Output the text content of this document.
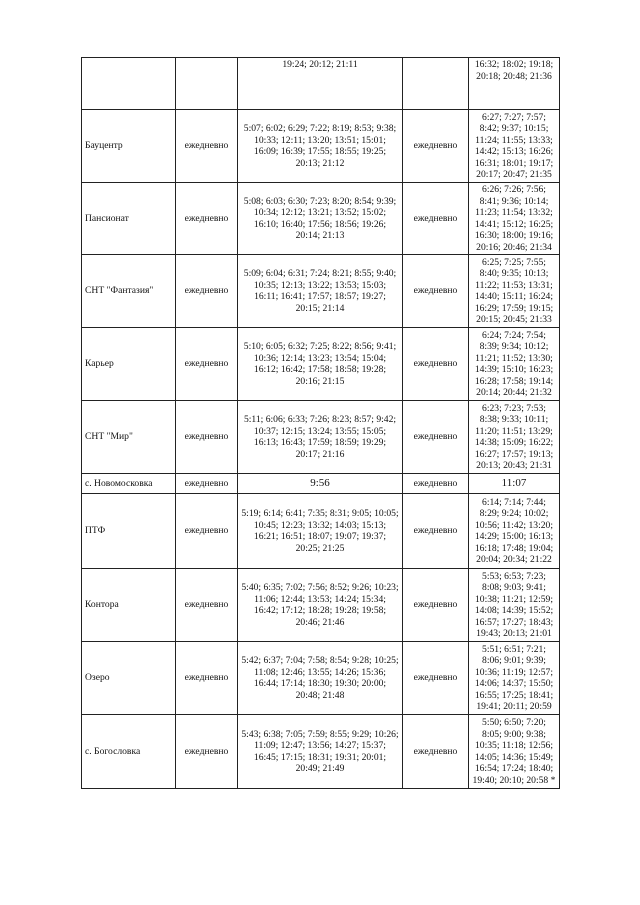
		19:24; 20:12; 21:11		16:32; 18:02; 19:18; 20:18; 20:48; 21:36
Бауцентр	ежедневно	5:07; 6:02; 6:29; 7:22; 8:19; 8:53; 9:38; 10:33; 12:11; 13:20; 13:51; 15:01; 16:09; 16:39; 17:55; 18:55; 19:25; 20:13; 21:12	ежедневно	6:27; 7:27; 7:57; 8:42; 9:37; 10:15; 11:24; 11:55; 13:33; 14:42; 15:13; 16:26; 16:31; 18:01; 19:17; 20:17; 20:47; 21:35
Пансионат	ежедневно	5:08; 6:03; 6:30; 7:23; 8:20; 8:54; 9:39; 10:34; 12:12; 13:21; 13:52; 15:02; 16:10; 16:40; 17:56; 18:56; 19:26; 20:14; 21:13	ежедневно	6:26; 7:26; 7:56; 8:41; 9:36; 10:14; 11:23; 11:54; 13:32; 14:41; 15:12; 16:25; 16:30; 18:00; 19:16; 20:16; 20:46; 21:34
СНТ "Фантазия"	ежедневно	5:09; 6:04; 6:31; 7:24; 8:21; 8:55; 9:40; 10:35; 12:13; 13:22; 13:53; 15:03; 16:11; 16:41; 17:57; 18:57; 19:27; 20:15; 21:14	ежедневно	6:25; 7:25; 7:55; 8:40; 9:35; 10:13; 11:22; 11:53; 13:31; 14:40; 15:11; 16:24; 16:29; 17:59; 19:15; 20:15; 20:45; 21:33
Карьер	ежедневно	5:10; 6:05; 6:32; 7:25; 8:22; 8:56; 9:41; 10:36; 12:14; 13:23; 13:54; 15:04; 16:12; 16:42; 17:58; 18:58; 19:28; 20:16; 21:15	ежедневно	6:24; 7:24; 7:54; 8:39; 9:34; 10:12; 11:21; 11:52; 13:30; 14:39; 15:10; 16:23; 16:28; 17:58; 19:14; 20:14; 20:44; 21:32
СНТ "Мир"	ежедневно	5:11; 6:06; 6:33; 7:26; 8:23; 8:57; 9:42; 10:37; 12:15; 13:24; 13:55; 15:05; 16:13; 16:43; 17:59; 18:59; 19:29; 20:17; 21:16	ежедневно	6:23; 7:23; 7:53; 8:38; 9:33; 10:11; 11:20; 11:51; 13:29; 14:38; 15:09; 16:22; 16:27; 17:57; 19:13; 20:13; 20:43; 21:31
с. Новомосковка	ежедневно	9:56	ежедневно	11:07
ПТФ	ежедневно	5:19; 6:14; 6:41; 7:35; 8:31; 9:05; 10:05; 10:45; 12:23; 13:32; 14:03; 15:13; 16:21; 16:51; 18:07; 19:07; 19:37; 20:25; 21:25	ежедневно	6:14; 7:14; 7:44; 8:29; 9:24; 10:02; 10:56; 11:42; 13:20; 14:29; 15:00; 16:13; 16:18; 17:48; 19:04; 20:04; 20:34; 21:22
Контора	ежедневно	5:40; 6:35; 7:02; 7:56; 8:52; 9:26; 10:23; 11:06; 12:44; 13:53; 14:24; 15:34; 16:42; 17:12; 18:28; 19:28; 19:58; 20:46; 21:46	ежедневно	5:53; 6:53; 7:23; 8:08; 9:03; 9:41; 10:38; 11:21; 12:59; 14:08; 14:39; 15:52; 16:57; 17:27; 18:43; 19:43; 20:13; 21:01
Озеро	ежедневно	5:42; 6:37; 7:04; 7:58; 8:54; 9:28; 10:25; 11:08; 12:46; 13:55; 14:26; 15:36; 16:44; 17:14; 18:30; 19:30; 20:00; 20:48; 21:48	ежедневно	5:51; 6:51; 7:21; 8:06; 9:01; 9:39; 10:36; 11:19; 12:57; 14:06; 14:37; 15:50; 16:55; 17:25; 18:41; 19:41; 20:11; 20:59
с. Богословка	ежедневно	5:43; 6:38; 7:05; 7:59; 8:55; 9:29; 10:26; 11:09; 12:47; 13:56; 14:27; 15:37; 16:45; 17:15; 18:31; 19:31; 20:01; 20:49; 21:49	ежедневно	5:50; 6:50; 7:20; 8:05; 9:00; 9:38; 10:35; 11:18; 12:56; 14:05; 14:36; 15:49; 16:54; 17:24; 18:40; 19:40; 20:10; 20:58 *
